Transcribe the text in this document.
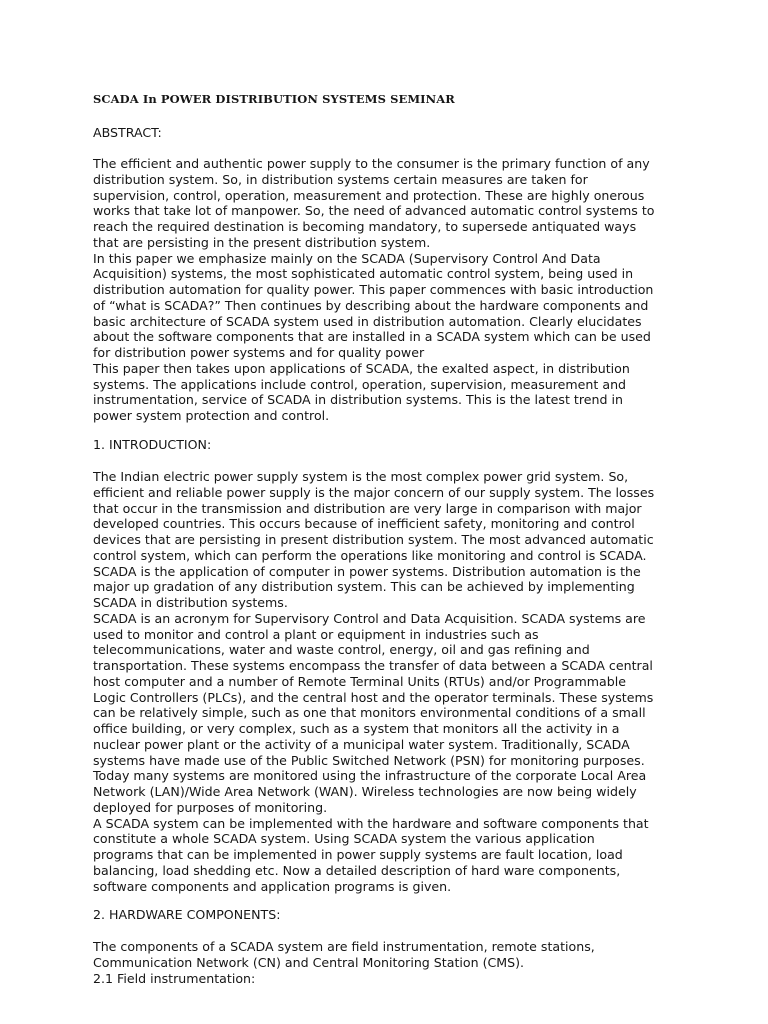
SCADA In POWER DISTRIBUTION SYSTEMS SEMINAR

ABSTRACT:

The efficient and authentic power supply to the consumer is the primary function of any
distribution system. So, in distribution systems certain measures are taken for
supervision, control, operation, measurement and protection. These are highly onerous
works that take lot of manpower. So, the need of advanced automatic control systems to
reach the required destination is becoming mandatory, to supersede antiquated ways
that are persisting in the present distribution system.
In this paper we emphasize mainly on the SCADA (Supervisory Control And Data
Acquisition) systems, the most sophisticated automatic control system, being used in
distribution automation for quality power. This paper commences with basic introduction
of “what is SCADA?” Then continues by describing about the hardware components and
basic architecture of SCADA system used in distribution automation. Clearly elucidates
about the software components that are installed in a SCADA system which can be used
for distribution power systems and for quality power
This paper then takes upon applications of SCADA, the exalted aspect, in distribution
systems. The applications include control, operation, supervision, measurement and
instrumentation, service of SCADA in distribution systems. This is the latest trend in
power system protection and control.
1. INTRODUCTION:
The Indian electric power supply system is the most complex power grid system. So,
efficient and reliable power supply is the major concern of our supply system. The losses
that occur in the transmission and distribution are very large in comparison with major
developed countries. This occurs because of inefficient safety, monitoring and control
devices that are persisting in present distribution system. The most advanced automatic
control system, which can perform the operations like monitoring and control is SCADA.
SCADA is the application of computer in power systems. Distribution automation is the
major up gradation of any distribution system. This can be achieved by implementing
SCADA in distribution systems.
SCADA is an acronym for Supervisory Control and Data Acquisition. SCADA systems are
used to monitor and control a plant or equipment in industries such as
telecommunications, water and waste control, energy, oil and gas refining and
transportation. These systems encompass the transfer of data between a SCADA central
host computer and a number of Remote Terminal Units (RTUs) and/or Programmable
Logic Controllers (PLCs), and the central host and the operator terminals. These systems
can be relatively simple, such as one that monitors environmental conditions of a small
office building, or very complex, such as a system that monitors all the activity in a
nuclear power plant or the activity of a municipal water system. Traditionally, SCADA
systems have made use of the Public Switched Network (PSN) for monitoring purposes.
Today many systems are monitored using the infrastructure of the corporate Local Area
Network (LAN)/Wide Area Network (WAN). Wireless technologies are now being widely
deployed for purposes of monitoring.
A SCADA system can be implemented with the hardware and software components that
constitute a whole SCADA system. Using SCADA system the various application
programs that can be implemented in power supply systems are fault location, load
balancing, load shedding etc. Now a detailed description of hard ware components,
software components and application programs is given.
2. HARDWARE COMPONENTS:
The components of a SCADA system are field instrumentation, remote stations,
Communication Network (CN) and Central Monitoring Station (CMS).
2.1 Field instrumentation:
